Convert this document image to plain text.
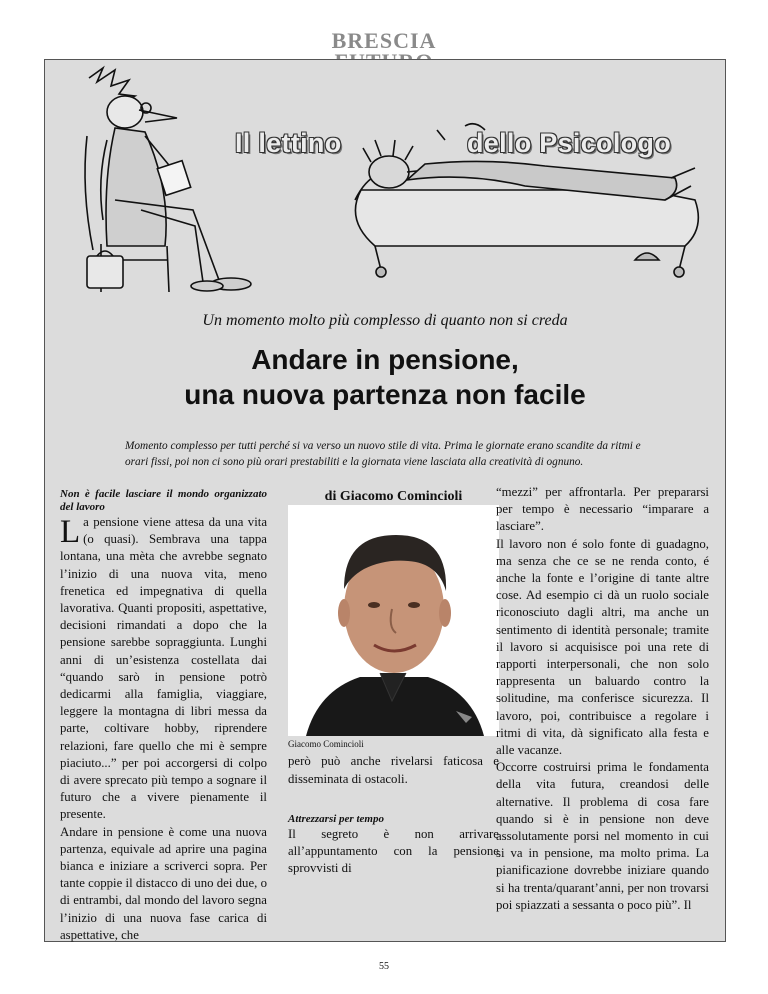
BRESCIA
Il lettino	dello Psicologo
Un momento molto più complesso di quanto non si creda
Andare in pensione,
una nuova partenza non facile
Momento complesso per tutti perché si va verso un nuovo stile di vita. Prima le giornate erano scandite da ritmi e orari fissi, poi non ci sono più orari prestabiliti e la giornata viene lasciata alla creatività di ognuno.

Non è facile lasciare il mondo organizzato del lavoro

La pensione viene attesa da una vita (o quasi). Sembrava una tappa lontana, una mèta che avrebbe segnato l’inizio di una nuova vita, meno frenetica ed impegnativa di quella lavorativa. Quanti propositi, aspettative, decisioni rimandati a dopo che la pensione sarebbe sopraggiunta. Lunghi anni di un’esistenza costellata dai “quando sarò in pensione potrò dedicarmi alla famiglia, viaggiare, leggere la montagna di libri messa da parte, coltivare hobby, riprendere relazioni, fare quello che mi è sempre piaciuto...” per poi accorgersi di colpo di avere sprecato più tempo a sognare il futuro che a vivere pienamente il presente.

Andare in pensione è come una nuova partenza, equivale ad aprire una pagina bianca e iniziare a scriverci sopra. Per tante coppie il distacco di uno dei due, o di entrambi, dal mondo del lavoro segna l’inizio di una nuova fase carica di aspettative, che

di Giacomo Comincioli

Giacomo Comincioli

però può anche rivelarsi faticosa e disseminata di ostacoli.

Attrezzarsi per tempo

Il segreto è non arrivare all’appuntamento con la pensione sprovvisti di

“mezzi” per affrontarla. Per prepararsi per tempo è necessario “imparare a lasciare”.

Il lavoro non é solo fonte di guadagno, ma senza che ce se ne renda conto, é anche la fonte e l’origine di tante altre cose. Ad esempio ci dà un ruolo sociale riconosciuto dagli altri, ma anche un sentimento di identità personale; tramite il lavoro si acquisisce poi una rete di rapporti interpersonali, che non solo rappresenta un baluardo contro la solitudine, ma conferisce sicurezza. Il lavoro, poi, contribuisce a regolare i ritmi di vita, dà significato alla festa e alle vacanze.

Occorre costruirsi prima le fondamenta della vita futura, creandosi delle alternative. Il problema di cosa fare quando si è in pensione non deve assolutamente porsi nel momento in cui si va in pensione, ma molto prima. La pianificazione dovrebbe iniziare quando si ha trenta/quarant’anni, per non trovarsi poi spiazzati a sessanta o poco più”. Il

55
